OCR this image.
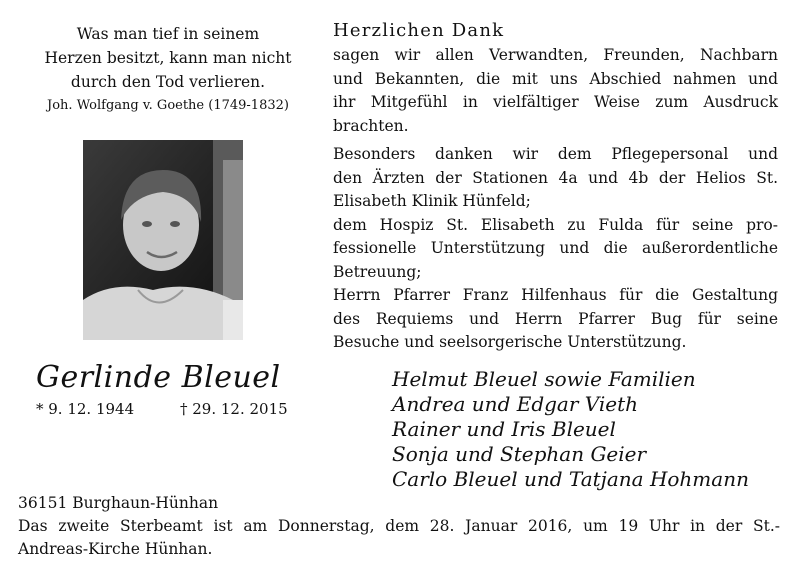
Was man tief in seinem
Herzen besitzt, kann man nicht
durch den Tod verlieren.
Joh. Wolfgang v. Goethe (1749-1832)
Gerlinde Bleuel
* 9. 12. 1944	† 29. 12. 2015
Herzlichen Dank
sagen wir allen Verwandten, Freunden, Nachbarn
und Bekannten, die mit uns Abschied nahmen und
ihr Mitgefühl in vielfältiger Weise zum Ausdruck
brachten.
Besonders danken wir dem Pflegepersonal und
den Ärzten der Stationen 4a und 4b der Helios St.
Elisabeth Klinik Hünfeld;
dem Hospiz St. Elisabeth zu Fulda für seine pro-
fessionelle Unterstützung und die außerordentliche
Betreuung;
Herrn Pfarrer Franz Hilfenhaus für die Gestaltung
des Requiems und Herrn Pfarrer Bug für seine
Besuche und seelsorgerische Unterstützung.
Helmut Bleuel sowie Familien
Andrea und Edgar Vieth
Rainer und Iris Bleuel
Sonja und Stephan Geier
Carlo Bleuel und Tatjana Hohmann
36151 Burghaun-Hünhan
Das zweite Sterbeamt ist am Donnerstag, dem 28. Januar 2016, um 19 Uhr in der St.-
Andreas-Kirche Hünhan.
